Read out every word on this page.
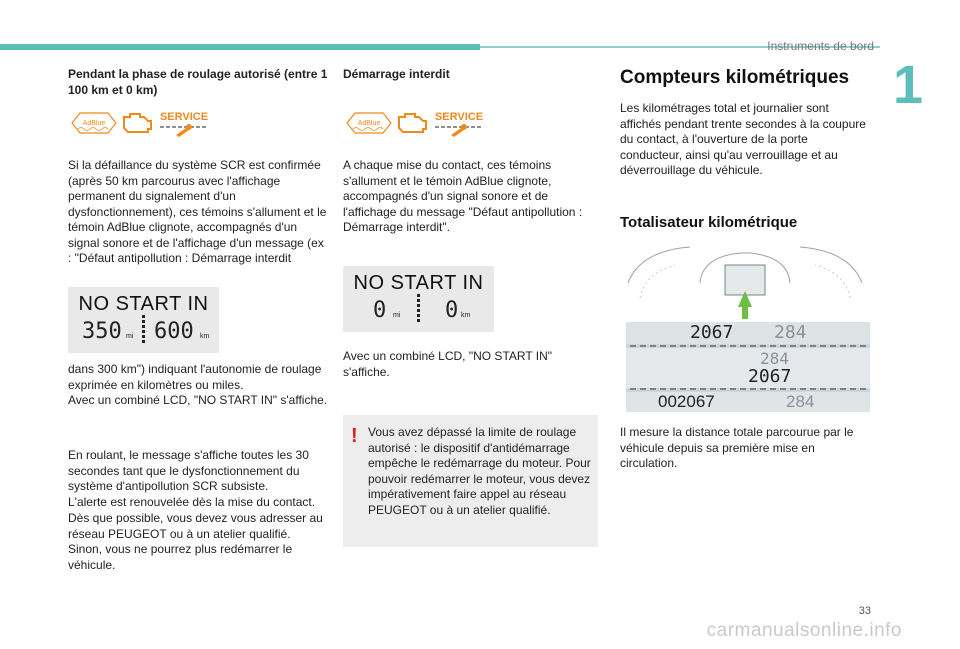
Instruments de bord
1
Pendant la phase de roulage autorisé (entre 1 100 km et 0 km)
AdBlue
SERVICE
Si la défaillance du système SCR est confirmée (après 50 km parcourus avec l'affichage permanent du signalement d'un dysfonctionnement), ces témoins s'allument et le témoin AdBlue clignote, accompagnés d'un signal sonore et de l'affichage d'un message (ex : "Défaut antipollution : Démarrage interdit
NO START IN
350 mi 600 km
dans 300 km") indiquant l'autonomie de roulage exprimée en kilomètres ou miles.
Avec un combiné LCD, "NO START IN" s'affiche.
En roulant, le message s'affiche toutes les 30 secondes tant que le dysfonctionnement du système d'antipollution SCR subsiste.
L'alerte est renouvelée dès la mise du contact.
Dès que possible, vous devez vous adresser au réseau PEUGEOT ou à un atelier qualifié.
Sinon, vous ne pourrez plus redémarrer le véhicule.
Démarrage interdit
AdBlue
SERVICE
A chaque mise du contact, ces témoins s'allument et le témoin AdBlue clignote, accompagnés d'un signal sonore et de l'affichage du message "Défaut antipollution : Démarrage interdit".
NO START IN
0 mi 0 km
Avec un combiné LCD, "NO START IN" s'affiche.
! Vous avez dépassé la limite de roulage autorisé : le dispositif d'antidémarrage empêche le redémarrage du moteur. Pour pouvoir redémarrer le moteur, vous devez impérativement faire appel au réseau PEUGEOT ou à un atelier qualifié.
Compteurs kilométriques
Les kilométrages total et journalier sont affichés pendant trente secondes à la coupure du contact, à l'ouverture de la porte conducteur, ainsi qu'au verrouillage et au déverrouillage du véhicule.
Totalisateur kilométrique
2067 284
284
2067
002067	284
Il mesure la distance totale parcourue par le véhicule depuis sa première mise en circulation.
33
carmanualsonline.info
